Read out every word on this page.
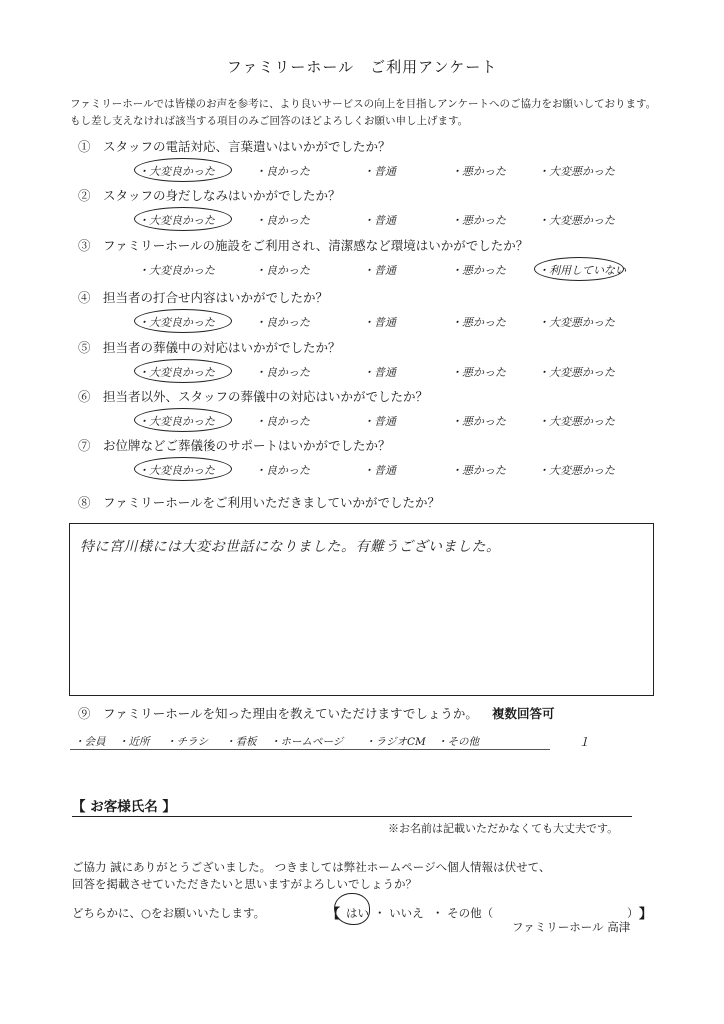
ファミリーホール　ご利用アンケート
ファミリーホールでは皆様のお声を参考に、より良いサービスの向上を目指しアンケートへのご協力をお願いしております。
もし差し支えなければ該当する項目のみご回答のほどよろしくお願い申し上げます。
①　スタッフの電話対応、言葉遣いはいかがでしたか？
・大変良かった	・良かった	・普通	・悪かった	・大変悪かった
②　スタッフの身だしなみはいかがでしたか？
・大変良かった	・良かった	・普通	・悪かった	・大変悪かった
③　ファミリーホールの施設をご利用され、清潔感など環境はいかがでしたか？
・大変良かった	・良かった	・普通	・悪かった	・利用していない
④　担当者の打合せ内容はいかがでしたか？
・大変良かった	・良かった	・普通	・悪かった	・大変悪かった
⑤　担当者の葬儀中の対応はいかがでしたか？
・大変良かった	・良かった	・普通	・悪かった	・大変悪かった
⑥　担当者以外、スタッフの葬儀中の対応はいかがでしたか？
・大変良かった	・良かった	・普通	・悪かった	・大変悪かった
⑦　お位牌などご葬儀後のサポートはいかがでしたか？
・大変良かった	・良かった	・普通	・悪かった	・大変悪かった
⑧　ファミリーホールをご利用いただきましていかがでしたか？
特に宮川様には大変お世話になりました。有難うございました。
⑨　ファミリーホールを知った理由を教えていただけますでしょうか。 複数回答可
・会員 ・近所 ・チラシ ・看板 ・ホームページ ・ラジオCM ・その他	１
【 お客様氏名 】
※お名前は記載いただかなくても大丈夫です。
ご協力 誠にありがとうございました。 つきましては弊社ホームページへ個人情報は伏せて、
回答を掲載させていただきたいと思いますがよろしいでしょうか？
どちらかに、○をお願いいたします。	【 はい ・ いいえ ・ その他（	） 】
ファミリーホール 高津
